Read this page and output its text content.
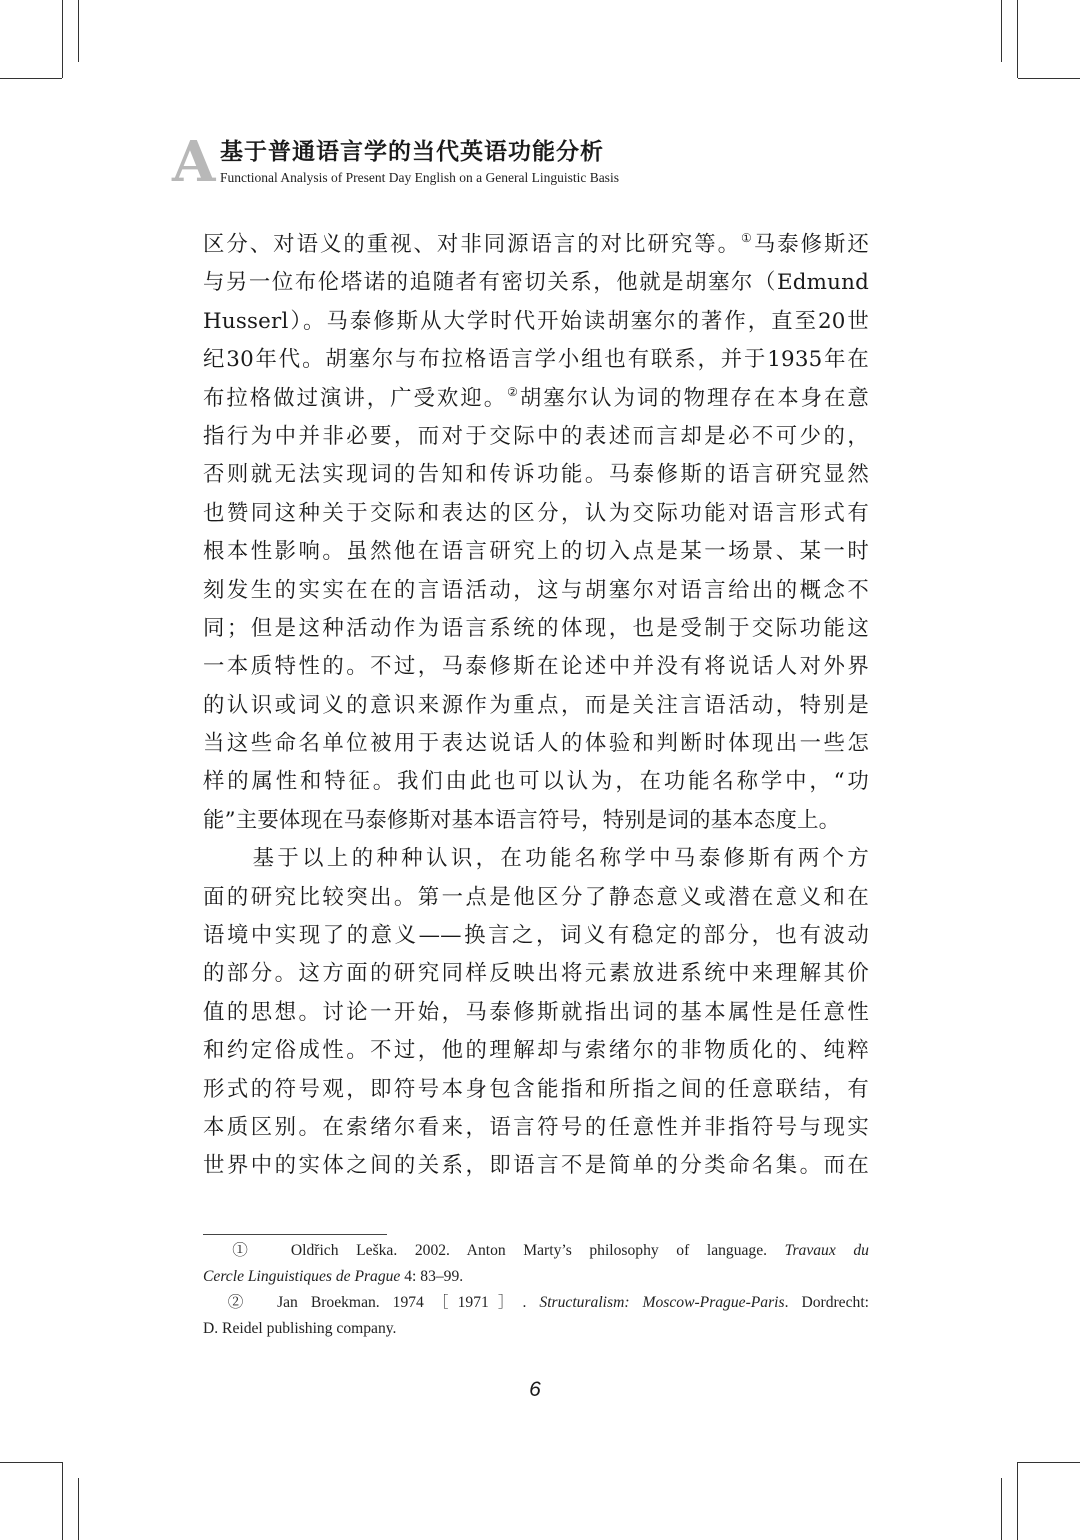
A 基于普通语言学的当代英语功能分析
Functional Analysis of Present Day English on a General Linguistic Basis
区分、对语义的重视、对非同源语言的对比研究等。①马泰修斯还
与另一位布伦塔诺的追随者有密切关系，他就是胡塞尔（Edmund
Husserl）。马泰修斯从大学时代开始读胡塞尔的著作，直至20世
纪30年代。胡塞尔与布拉格语言学小组也有联系，并于1935年在
布拉格做过演讲，广受欢迎。②胡塞尔认为词的物理存在本身在意
指行为中并非必要，而对于交际中的表述而言却是必不可少的，
否则就无法实现词的告知和传诉功能。马泰修斯的语言研究显然
也赞同这种关于交际和表达的区分，认为交际功能对语言形式有
根本性影响。虽然他在语言研究上的切入点是某一场景、某一时
刻发生的实实在在的言语活动，这与胡塞尔对语言给出的概念不
同；但是这种活动作为语言系统的体现，也是受制于交际功能这
一本质特性的。不过，马泰修斯在论述中并没有将说话人对外界
的认识或词义的意识来源作为重点，而是关注言语活动，特别是
当这些命名单位被用于表达说话人的体验和判断时体现出一些怎
样的属性和特征。我们由此也可以认为，在功能名称学中，“功
能”主要体现在马泰修斯对基本语言符号，特别是词的基本态度上。
　　基于以上的种种认识，在功能名称学中马泰修斯有两个方
面的研究比较突出。第一点是他区分了静态意义或潜在意义和在
语境中实现了的意义——换言之，词义有稳定的部分，也有波动
的部分。这方面的研究同样反映出将元素放进系统中来理解其价
值的思想。讨论一开始，马泰修斯就指出词的基本属性是任意性
和约定俗成性。不过，他的理解却与索绪尔的非物质化的、纯粹
形式的符号观，即符号本身包含能指和所指之间的任意联结，有
本质区别。在索绪尔看来，语言符号的任意性并非指符号与现实
世界中的实体之间的关系，即语言不是简单的分类命名集。而在
　①　 Oldřich Leška. 2002. Anton Marty’s philosophy of language. Travaux du
Cercle Linguistiques de Prague 4: 83–99.
　②　 Jan Broekman. 1974［1971］. Structuralism: Moscow-Prague-Paris. Dordrecht:
D. Reidel publishing company.
6
